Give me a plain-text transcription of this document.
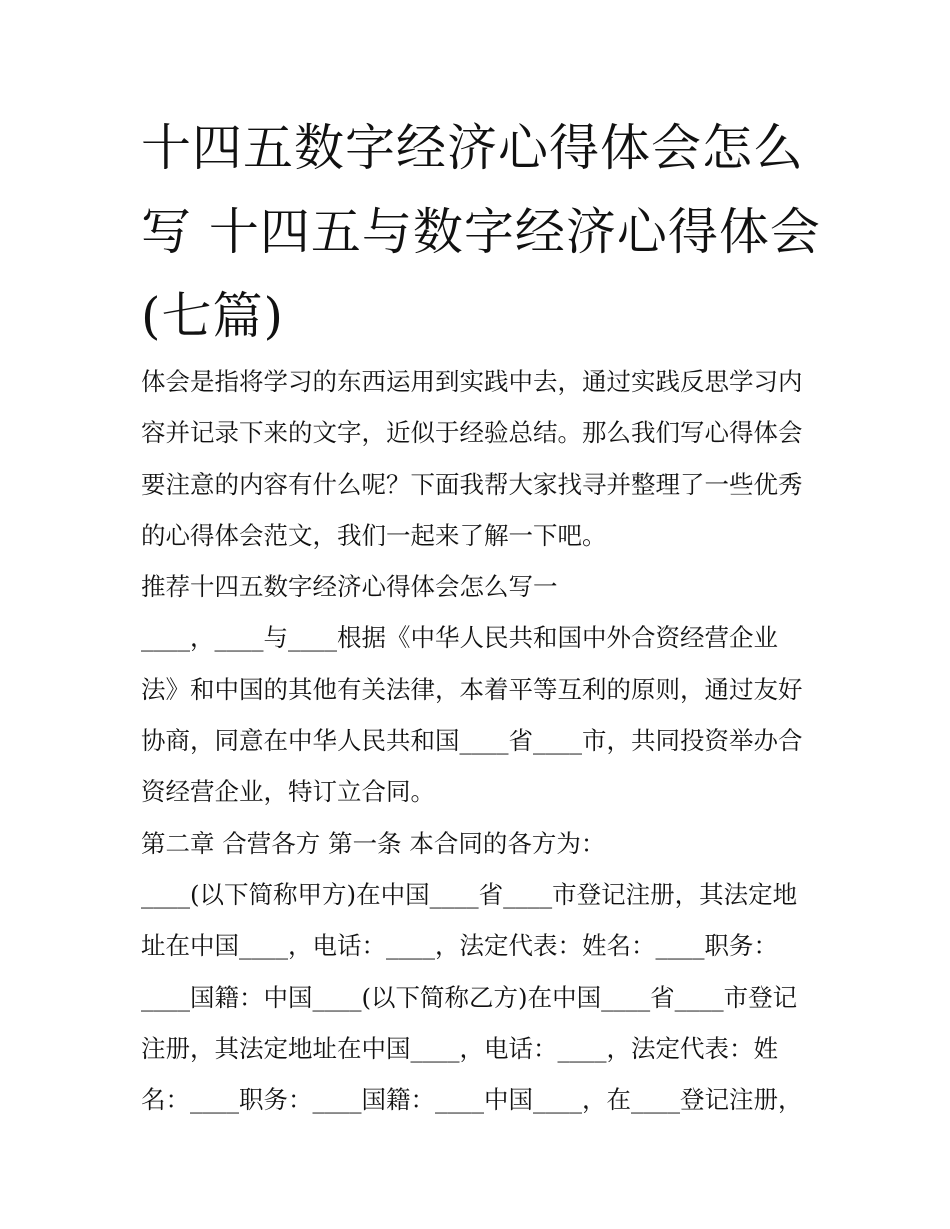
十四五数字经济心得体会怎么
写 十四五与数字经济心得体会
(七篇)
体会是指将学习的东西运用到实践中去，通过实践反思学习内
容并记录下来的文字，近似于经验总结。那么我们写心得体会
要注意的内容有什么呢？下面我帮大家找寻并整理了一些优秀
的心得体会范文，我们一起来了解一下吧。
推荐十四五数字经济心得体会怎么写一
____，____与____根据《中华人民共和国中外合资经营企业
法》和中国的其他有关法律，本着平等互利的原则，通过友好
协商，同意在中华人民共和国____省____市，共同投资举办合
资经营企业，特订立合同。
第二章 合营各方 第一条 本合同的各方为：
____(以下简称甲方)在中国____省____市登记注册，其法定地
址在中国____，电话：____，法定代表：姓名：____职务：
____国籍：中国____(以下简称乙方)在中国____省____市登记
注册，其法定地址在中国____，电话：____，法定代表：姓
名：____职务：____国籍：____中国____，在____登记注册，
